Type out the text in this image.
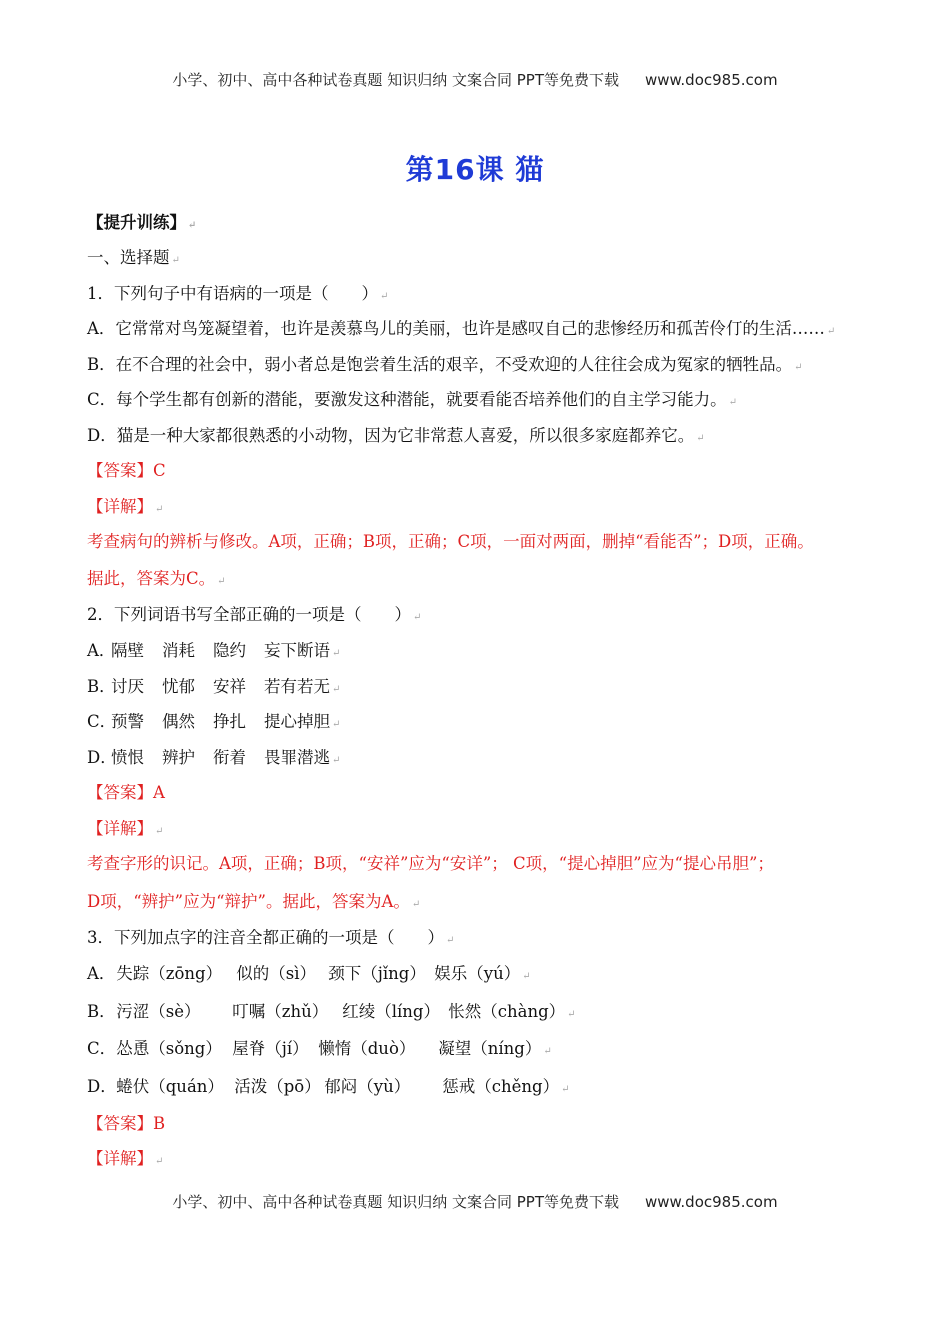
小学、初中、高中各种试卷真题 知识归纳 文案合同 PPT等免费下载 www.doc985.com
第16课 猫
【提升训练】 ↵
一、选择题 ↵
1．下列句子中有语病的一项是（　　） ↵
A．它常常对鸟笼凝望着，也许是羡慕鸟儿的美丽，也许是感叹自己的悲惨经历和孤苦伶仃的生活…… ↵
B．在不合理的社会中，弱小者总是饱尝着生活的艰辛，不受欢迎的人往往会成为冤家的牺牲品。 ↵
C．每个学生都有创新的潜能，要激发这种潜能，就要看能否培养他们的自主学习能力。 ↵
D．猫是一种大家都很熟悉的小动物，因为它非常惹人喜爱，所以很多家庭都养它。 ↵
【答案】C
【详解】 ↵
考查病句的辨析与修改。A项，正确；B项，正确；C项，一面对两面，删掉“看能否”；D项，正确。
据此，答案为C。 ↵
2．下列词语书写全部正确的一项是（　　） ↵
A．隔壁 消耗 隐约 妄下断语 ↵
B．讨厌 忧郁 安祥 若有若无 ↵
C．预警 偶然 挣扎 提心掉胆 ↵
D．愤恨 辨护 衔着 畏罪潜逃 ↵
【答案】A
【详解】 ↵
考查字形的识记。A项，正确；B项，“安祥”应为“安详”； C项，“提心掉胆”应为“提心吊胆”；
D项，“辨护”应为“辩护”。据此，答案为A。 ↵
3．下列加点字的注音全都正确的一项是（　　） ↵
A． 失踪（zōng） 似的（sì） 颈下（jǐng） 娱乐（yú） ↵
B． 污涩（sè） 叮嘱（zhǔ） 红绫（líng） 怅然（chàng） ↵
C． 怂恿（sǒng） 屋脊（jí） 懒惰（duò） 凝望（níng） ↵
D． 蜷伏（quán） 活泼（pō） 郁闷（yù） 惩戒（chěng） ↵
【答案】B
【详解】 ↵
小学、初中、高中各种试卷真题 知识归纳 文案合同 PPT等免费下载 www.doc985.com
